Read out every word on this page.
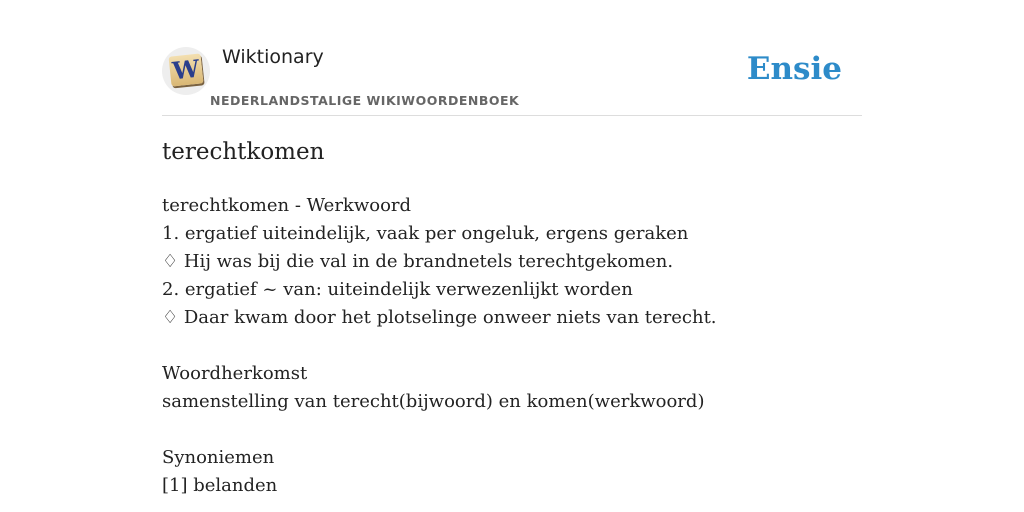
W Wiktionary
NEDERLANDSTALIGE WIKIWOORDENBOEK
Ensie
terechtkomen
terechtkomen - Werkwoord
1. ergatief uiteindelijk, vaak per ongeluk, ergens geraken
♢ Hij was bij die val in de brandnetels terechtgekomen.
2. ergatief ~ van: uiteindelijk verwezenlijkt worden
♢ Daar kwam door het plotselinge onweer niets van terecht.
Woordherkomst
samenstelling van terecht(bijwoord) en komen(werkwoord)
Synoniemen
[1] belanden
